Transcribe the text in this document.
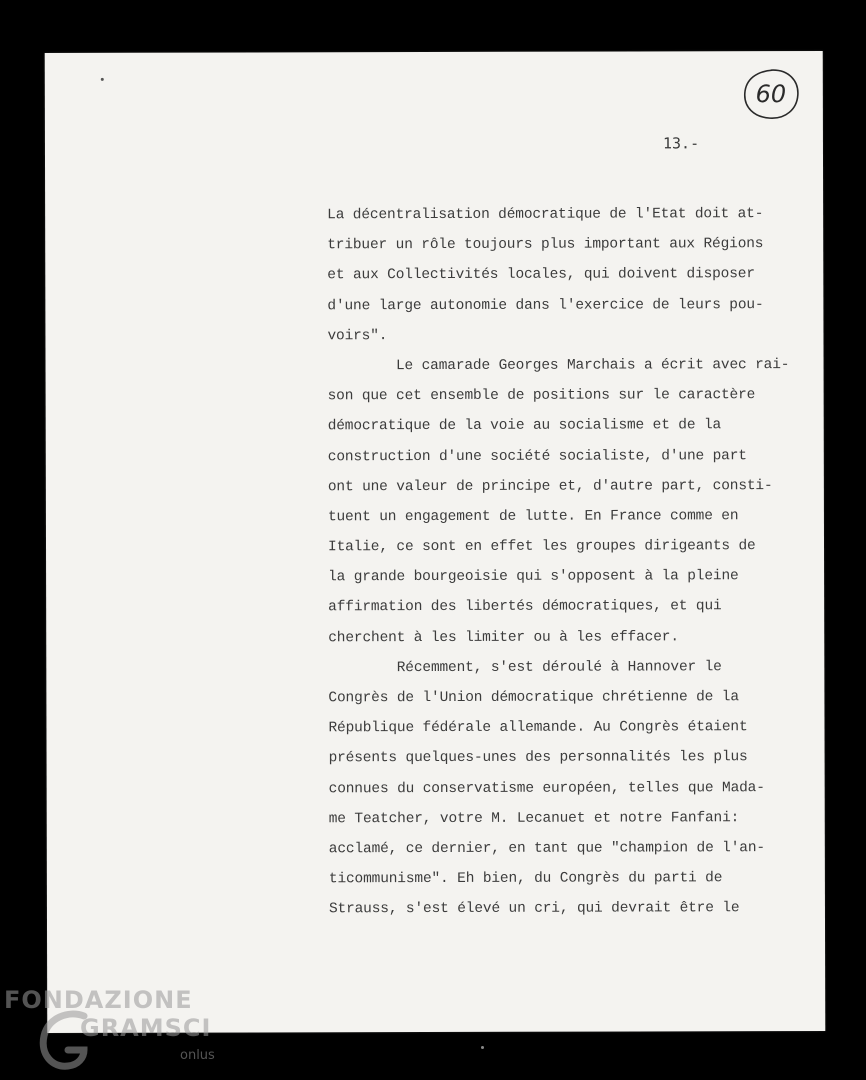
60
13.-
La décentralisation démocratique de l'Etat doit at-
tribuer un rôle toujours plus important aux Régions
et aux Collectivités locales, qui doivent disposer
d'une large autonomie dans l'exercice de leurs pou-
voirs".
Le camarade Georges Marchais a écrit avec rai-
son que cet ensemble de positions sur le caractère
démocratique de la voie au socialisme et de la
construction d'une société socialiste, d'une part
ont une valeur de principe et, d'autre part, consti-
tuent un engagement de lutte. En France comme en
Italie, ce sont en effet les groupes dirigeants de
la grande bourgeoisie qui s'opposent à la pleine
affirmation des libertés démocratiques, et qui
cherchent à les limiter ou à les effacer.
Récemment, s'est déroulé à Hannover le
Congrès de l'Union démocratique chrétienne de la
République fédérale allemande. Au Congrès étaient
présents quelques-unes des personnalités les plus
connues du conservatisme européen, telles que Mada-
me Teatcher, votre M. Lecanuet et notre Fanfani:
acclamé, ce dernier, en tant que "champion de l'an-
ticommunisme". Eh bien, du Congrès du parti de
Strauss, s'est élevé un cri, qui devrait être le
FONDAZIONE
GRAMSCI
onlus
